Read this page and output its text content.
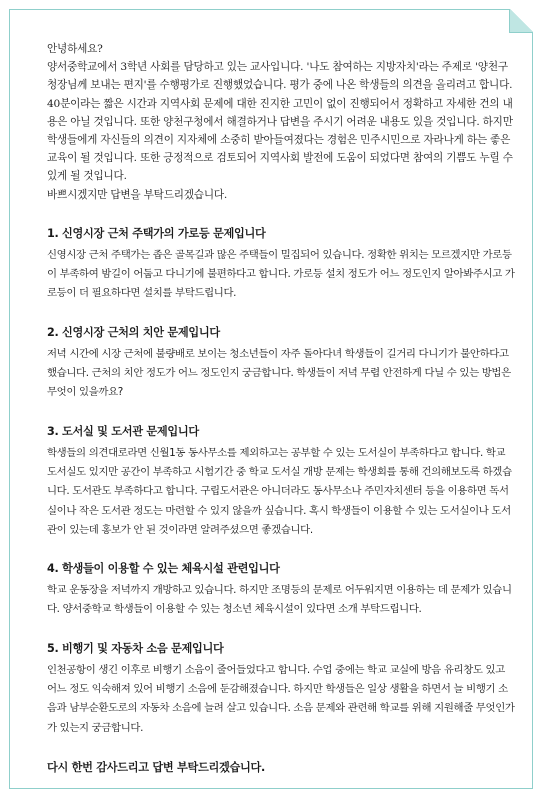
안녕하세요?

양서중학교에서 3학년 사회를 담당하고 있는 교사입니다. '나도 참여하는 지방자치'라는 주제로 '양천구청장님께 보내는 편지'를 수행평가로 진행했었습니다. 평가 중에 나온 학생들의 의견을 올리려고 합니다. 40분이라는 짧은 시간과 지역사회 문제에 대한 진지한 고민이 없이 진행되어서 정확하고 자세한 건의 내용은 아닐 것입니다. 또한 양천구청에서 해결하거나 답변을 주시기 어려운 내용도 있을 것입니다. 하지만 학생들에게 자신들의 의견이 지자체에 소중히 받아들여졌다는 경험은 민주시민으로 자라나게 하는 좋은 교육이 될 것입니다. 또한 긍정적으로 검토되어 지역사회 발전에 도움이 되었다면 참여의 기쁨도 누릴 수 있게 될 것입니다.

바쁘시겠지만 답변을 부탁드리겠습니다.

1. 신영시장 근처 주택가의 가로등 문제입니다

신영시장 근처 주택가는 좁은 골목길과 많은 주택들이 밀집되어 있습니다. 정확한 위치는 모르겠지만 가로등이 부족하여 밤길이 어둡고 다니기에 불편하다고 합니다. 가로등 설치 정도가 어느 정도인지 알아봐주시고 가로등이 더 필요하다면 설치를 부탁드립니다.

2. 신영시장 근처의 치안 문제입니다

저녁 시간에 시장 근처에 불량배로 보이는 청소년들이 자주 돌아다녀 학생들이 길거리 다니기가 불안하다고 했습니다. 근처의 치안 정도가 어느 정도인지 궁금합니다. 학생들이 저녁 무렵 안전하게 다닐 수 있는 방법은 무엇이 있을까요?

3. 도서실 및 도서관 문제입니다

학생들의 의견대로라면 신월1동 동사무소를 제외하고는 공부할 수 있는 도서실이 부족하다고 합니다. 학교 도서실도 있지만 공간이 부족하고 시험기간 중 학교 도서실 개방 문제는 학생회를 통해 건의해보도록 하겠습니다. 도서관도 부족하다고 합니다. 구립도서관은 아니더라도 동사무소나 주민자치센터 등을 이용하면 독서실이나 작은 도서관 정도는 마련할 수 있지 않을까 싶습니다. 혹시 학생들이 이용할 수 있는 도서실이나 도서관이 있는데 홍보가 안 된 것이라면 알려주셨으면 좋겠습니다.

4. 학생들이 이용할 수 있는 체육시설 관련입니다

학교 운동장을 저녁까지 개방하고 있습니다. 하지만 조명등의 문제로 어두워지면 이용하는 데 문제가 있습니다. 양서중학교 학생들이 이용할 수 있는 청소년 체육시설이 있다면 소개 부탁드립니다.

5. 비행기 및 자동차 소음 문제입니다

인천공항이 생긴 이후로 비행기 소음이 줄어들었다고 합니다. 수업 중에는 학교 교실에 방음 유리창도 있고 어느 정도 익숙해져 있어 비행기 소음에 둔감해졌습니다. 하지만 학생들은 일상 생활을 하면서 늘 비행기 소음과 남부순환도로의 자동차 소음에 늘려 살고 있습니다. 소음 문제와 관련해 학교를 위해 지원해줄 무엇인가가 있는지 궁금합니다.

다시 한번 감사드리고 답변 부탁드리겠습니다.
